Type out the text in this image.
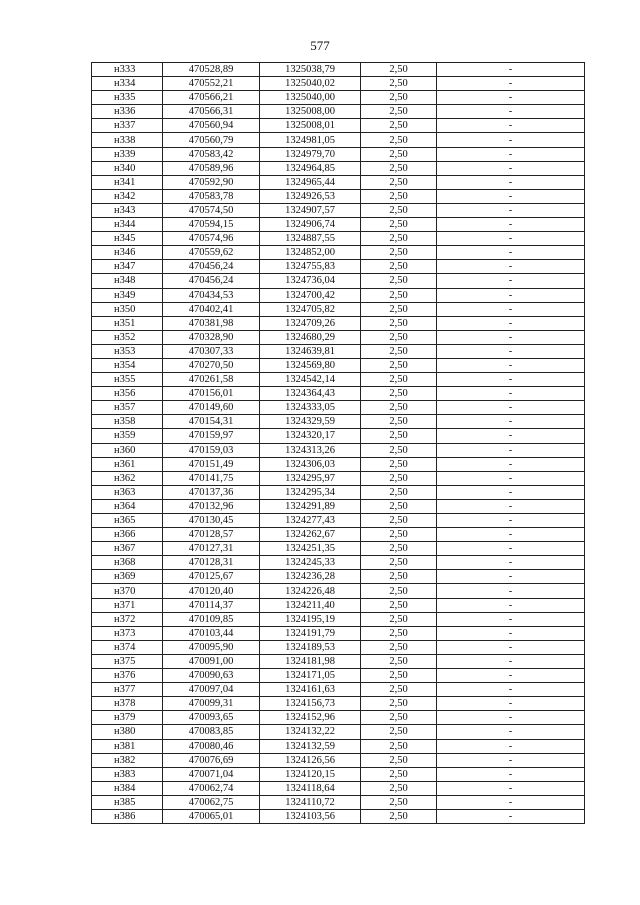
577
н333	470528,89	1325038,79	2,50	-
н334	470552,21	1325040,02	2,50	-
н335	470566,21	1325040,00	2,50	-
н336	470566,31	1325008,00	2,50	-
н337	470560,94	1325008,01	2,50	-
н338	470560,79	1324981,05	2,50	-
н339	470583,42	1324979,70	2,50	-
н340	470589,96	1324964,85	2,50	-
н341	470592,90	1324965,44	2,50	-
н342	470583,78	1324926,53	2,50	-
н343	470574,50	1324907,57	2,50	-
н344	470594,15	1324906,74	2,50	-
н345	470574,96	1324887,55	2,50	-
н346	470559,62	1324852,00	2,50	-
н347	470456,24	1324755,83	2,50	-
н348	470456,24	1324736,04	2,50	-
н349	470434,53	1324700,42	2,50	-
н350	470402,41	1324705,82	2,50	-
н351	470381,98	1324709,26	2,50	-
н352	470328,90	1324680,29	2,50	-
н353	470307,33	1324639,81	2,50	-
н354	470270,50	1324569,80	2,50	-
н355	470261,58	1324542,14	2,50	-
н356	470156,01	1324364,43	2,50	-
н357	470149,60	1324333,05	2,50	-
н358	470154,31	1324329,59	2,50	-
н359	470159,97	1324320,17	2,50	-
н360	470159,03	1324313,26	2,50	-
н361	470151,49	1324306,03	2,50	-
н362	470141,75	1324295,97	2,50	-
н363	470137,36	1324295,34	2,50	-
н364	470132,96	1324291,89	2,50	-
н365	470130,45	1324277,43	2,50	-
н366	470128,57	1324262,67	2,50	-
н367	470127,31	1324251,35	2,50	-
н368	470128,31	1324245,33	2,50	-
н369	470125,67	1324236,28	2,50	-
н370	470120,40	1324226,48	2,50	-
н371	470114,37	1324211,40	2,50	-
н372	470109,85	1324195,19	2,50	-
н373	470103,44	1324191,79	2,50	-
н374	470095,90	1324189,53	2,50	-
н375	470091,00	1324181,98	2,50	-
н376	470090,63	1324171,05	2,50	-
н377	470097,04	1324161,63	2,50	-
н378	470099,31	1324156,73	2,50	-
н379	470093,65	1324152,96	2,50	-
н380	470083,85	1324132,22	2,50	-
н381	470080,46	1324132,59	2,50	-
н382	470076,69	1324126,56	2,50	-
н383	470071,04	1324120,15	2,50	-
н384	470062,74	1324118,64	2,50	-
н385	470062,75	1324110,72	2,50	-
н386	470065,01	1324103,56	2,50	-
